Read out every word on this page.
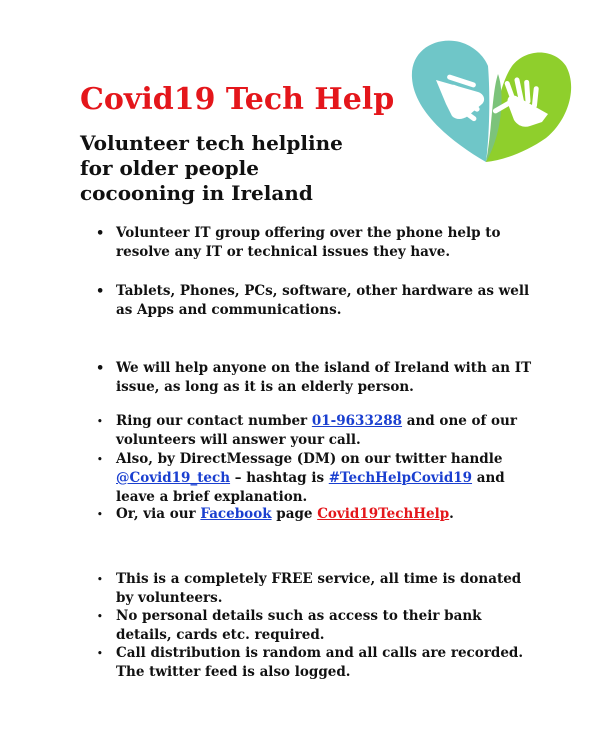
Covid19 Tech Help
Volunteer tech helpline for older people cocooning in Ireland
• Volunteer IT group offering over the phone help to resolve any IT or technical issues they have.
• Tablets, Phones, PCs, software, other hardware as well as Apps and communications.
• We will help anyone on the island of Ireland with an IT issue, as long as it is an elderly person.
• Ring our contact number 01-9633288 and one of our volunteers will answer your call.
• Also, by DirectMessage (DM) on our twitter handle @Covid19_tech – hashtag is #TechHelpCovid19 and leave a brief explanation.
• Or, via our Facebook page Covid19TechHelp.
• This is a completely FREE service, all time is donated by volunteers.
• No personal details such as access to their bank details, cards etc. required.
• Call distribution is random and all calls are recorded. The twitter feed is also logged.
